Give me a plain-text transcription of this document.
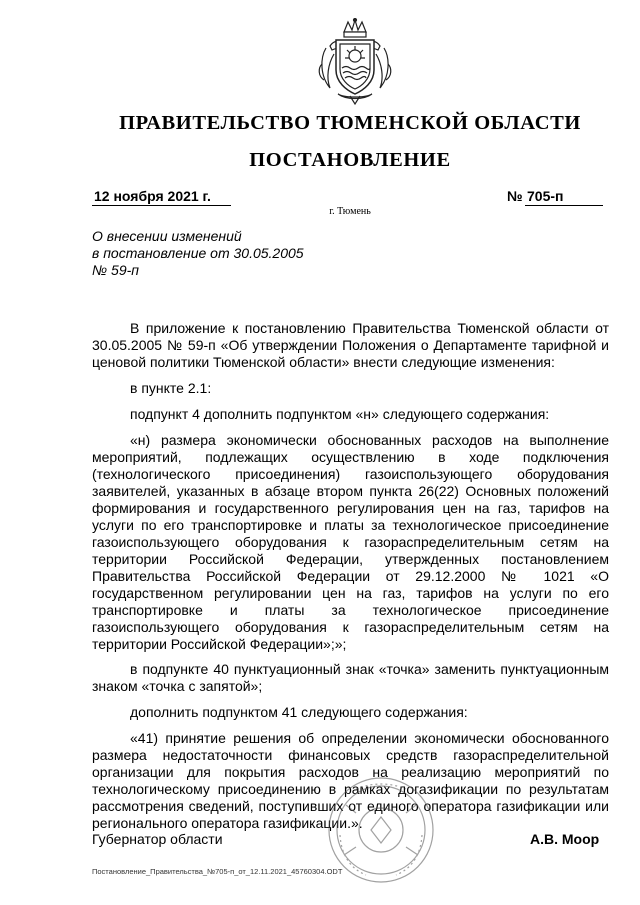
ПРАВИТЕЛЬСТВО ТЮМЕНСКОЙ ОБЛАСТИ
ПОСТАНОВЛЕНИЕ
12 ноября 2021 г.	№ 705-п
г. Тюмень
О внесении изменений
в постановление от 30.05.2005
№ 59-п

В приложение к постановлению Правительства Тюменской области от 30.05.2005 № 59-п «Об утверждении Положения о Департаменте тарифной и ценовой политики Тюменской области» внести следующие изменения:

в пункте 2.1:

подпункт 4 дополнить подпунктом «н» следующего содержания:

«н) размера экономически обоснованных расходов на выполнение мероприятий, подлежащих осуществлению в ходе подключения (технологического присоединения) газоиспользующего оборудования заявителей, указанных в абзаце втором пункта 26(22) Основных положений формирования и государственного регулирования цен на газ, тарифов на услуги по его транспортировке и платы за технологическое присоединение газоиспользующего оборудования к газораспределительным сетям на территории Российской Федерации, утвержденных постановлением Правительства Российской Федерации от 29.12.2000 № 1021 «О государственном регулировании цен на газ, тарифов на услуги по его транспортировке и платы за технологическое присоединение газоиспользующего оборудования к газораспределительным сетям на территории Российской Федерации»;»;

в подпункте 40 пунктуационный знак «точка» заменить пунктуационным знаком «точка с запятой»;

дополнить подпунктом 41 следующего содержания:

«41) принятие решения об определении экономически обоснованного размера недостаточности финансовых средств газораспределительной организации для покрытия расходов на реализацию мероприятий по технологическому присоединению в рамках догазификации по результатам рассмотрения сведений, поступивших от единого оператора газификации или регионального оператора газификации.».

Губернатор области	А.В. Моор
Постановление_Правительства_№705-п_от_12.11.2021_45760304.ODT
